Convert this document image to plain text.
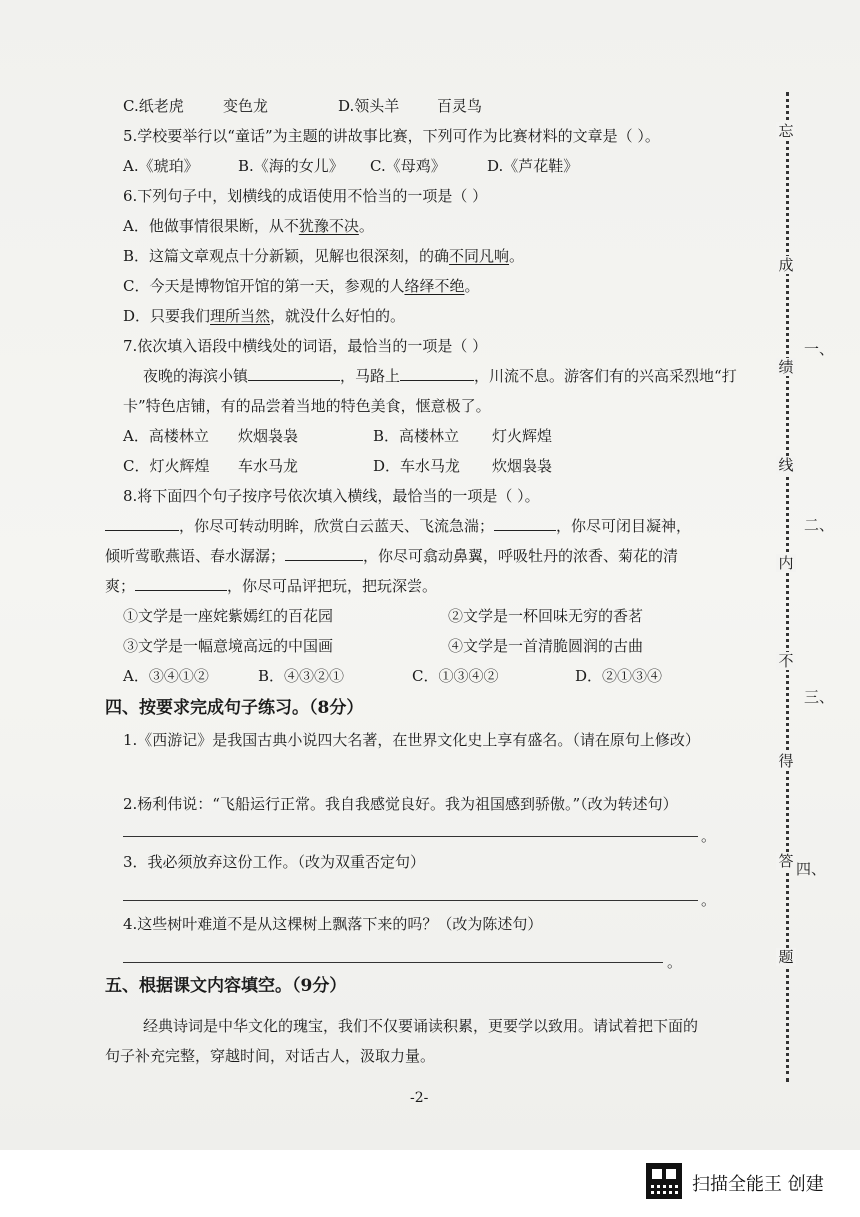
C.纸老虎	变色龙	D.领头羊	百灵鸟
5.学校要举行以“童话”为主题的讲故事比赛，下列可作为比赛材料的文章是（ ）。
A.《琥珀》	B.《海的女儿》 C.《母鸡》	D.《芦花鞋》
6.下列句子中，划横线的成语使用不恰当的一项是（ ）
A．他做事情很果断，从不犹豫不决。
B．这篇文章观点十分新颖，见解也很深刻，的确不同凡响。
C．今天是博物馆开馆的第一天，参观的人络绎不绝。
D．只要我们理所当然，就没什么好怕的。
7.依次填入语段中横线处的词语，最恰当的一项是（ ）
夜晚的海滨小镇	，马路上	，川流不息。游客们有的兴高采烈地“打
卡”特色店铺，有的品尝着当地的特色美食，惬意极了。
A．高楼林立 炊烟袅袅	B．高楼林立 灯火辉煌
C．灯火辉煌 车水马龙	D．车水马龙 炊烟袅袅
8.将下面四个句子按序号依次填入横线，最恰当的一项是（ ）。
，你尽可转动明眸，欣赏白云蓝天、飞流急湍；	，你尽可闭目凝神，
倾听莺歌燕语、春水潺潺；	，你尽可翕动鼻翼，呼吸牡丹的浓香、菊花的清
爽；	，你尽可品评把玩，把玩深尝。
①文学是一座姹紫嫣红的百花园	②文学是一杯回味无穷的香茗
③文学是一幅意境高远的中国画	④文学是一首清脆圆润的古曲
A．③④①②	B．④③②①	C．①③④②	D．②①③④
四、按要求完成句子练习。（8分）
1.《西游记》是我国古典小说四大名著，在世界文化史上享有盛名。（请在原句上修改）
2.杨利伟说：“飞船运行正常。我自我感觉良好。我为祖国感到骄傲。”（改为转述句）
。
3．我必须放弃这份工作。（改为双重否定句）
。
4.这些树叶难道不是从这棵树上飘落下来的吗？（改为陈述句）
。
五、根据课文内容填空。（9分）
经典诗词是中华文化的瑰宝，我们不仅要诵读积累，更要学以致用。请试着把下面的
句子补充完整，穿越时间，对话古人，汲取力量。
-2-
忘
成
绩
线
内
不
得
答
题
一、
二、
三、
四、
扫描全能王 创建
